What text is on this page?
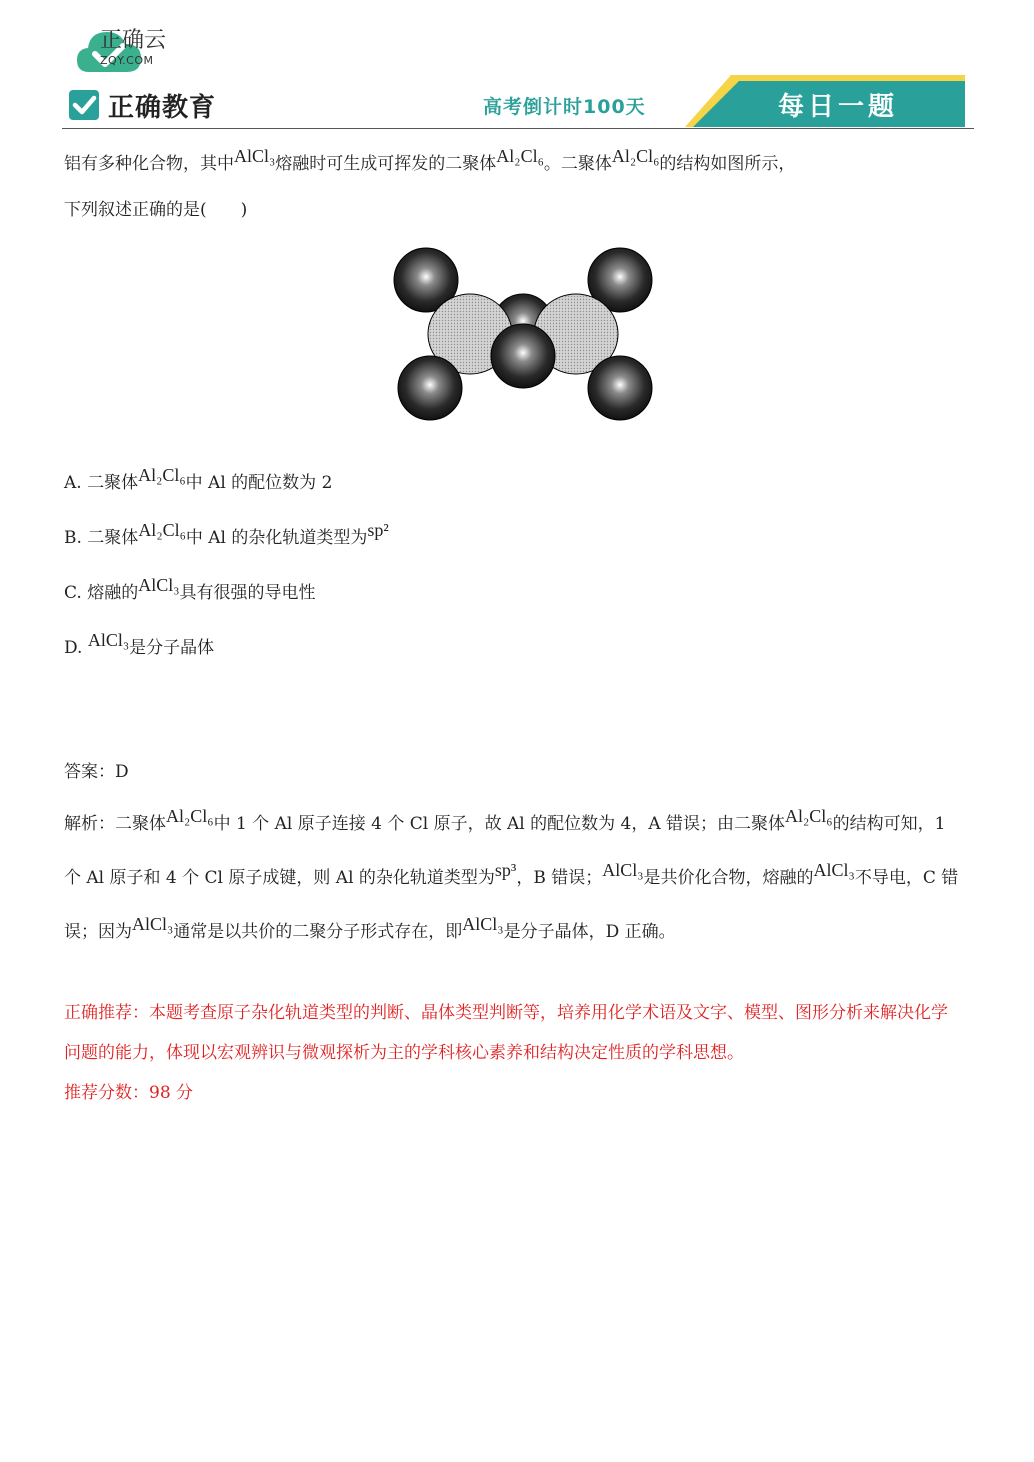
正确云
ZQY.COM
正确教育	高考倒计时100天	每日一题

铝有多种化合物，其中AlCl₃熔融时可生成可挥发的二聚体Al₂Cl₆。二聚体Al₂Cl₆的结构如图所示，
下列叙述正确的是(　　)

A. 二聚体Al₂Cl₆中 Al 的配位数为 2

B. 二聚体Al₂Cl₆中 Al 的杂化轨道类型为sp²

C. 熔融的AlCl₃具有很强的导电性

D. AlCl₃是分子晶体

答案：D

解析：二聚体Al₂Cl₆中 1 个 Al 原子连接 4 个 Cl 原子，故 Al 的配位数为 4，A 错误；由二聚体Al₂Cl₆的结构可知，1 个 Al 原子和 4 个 Cl 原子成键，则 Al 的杂化轨道类型为sp³，B 错误；AlCl₃是共价化合物，熔融的AlCl₃不导电，C 错误；因为AlCl₃通常是以共价的二聚分子形式存在，即AlCl₃是分子晶体，D 正确。

正确推荐：本题考查原子杂化轨道类型的判断、晶体类型判断等，培养用化学术语及文字、模型、图形分析来解决化学问题的能力，体现以宏观辨识与微观探析为主的学科核心素养和结构决定性质的学科思想。

推荐分数：98 分
